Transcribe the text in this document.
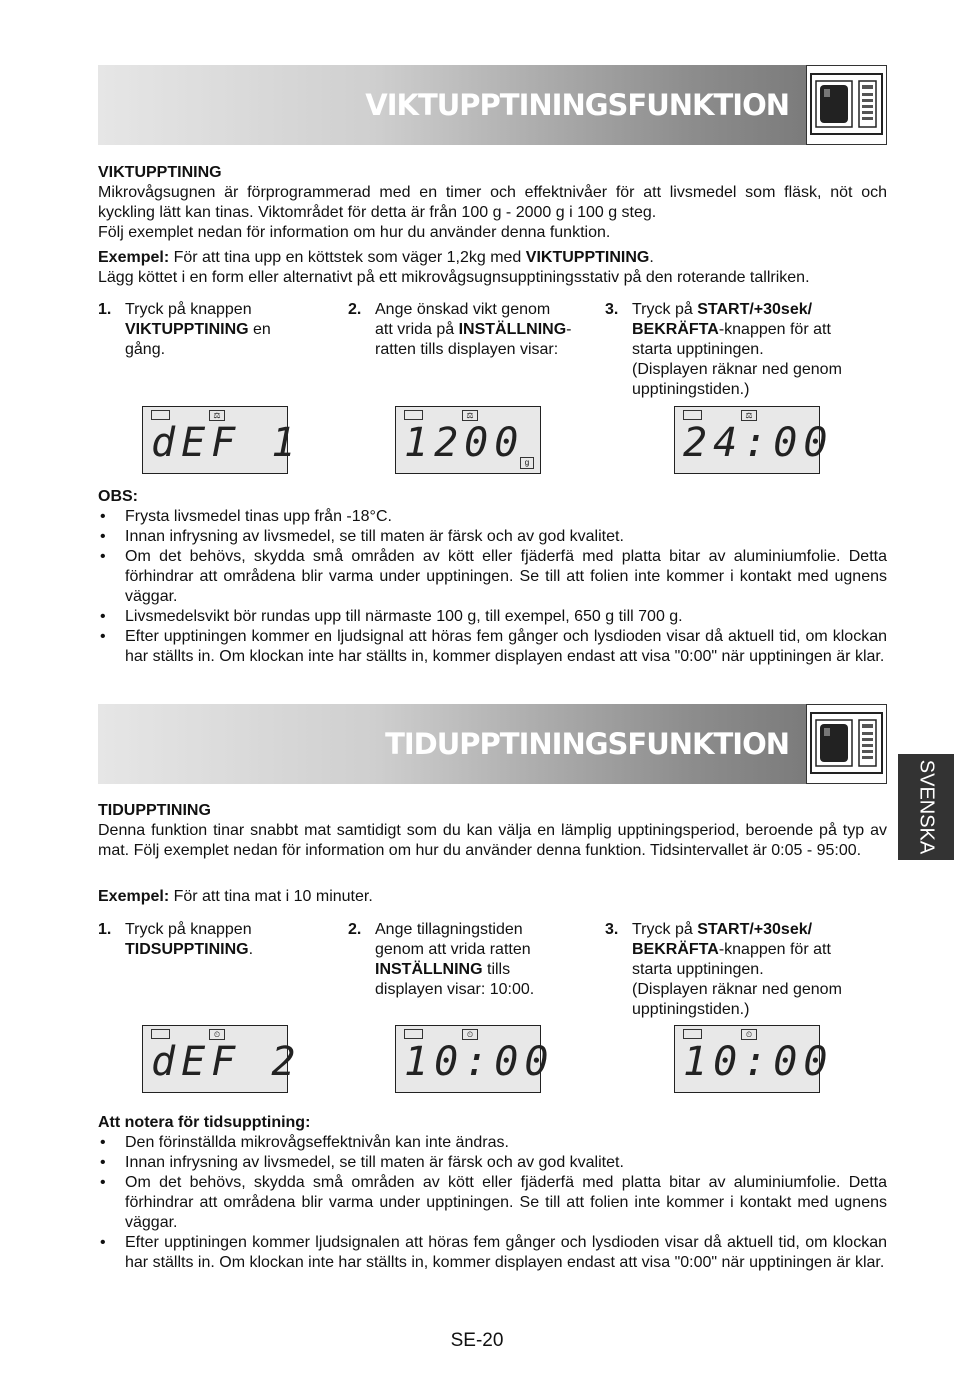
VIKTUPPTININGSFUNKTION

VIKTUPPTINING

Mikrovågsugnen är förprogrammerad med en timer och effektnivåer för att livsmedel som fläsk, nöt och kyckling lätt kan tinas. Viktområdet för detta är från 100 g - 2000 g i 100 g steg.

Följ exemplet nedan för information om hur du använder denna funktion.

Exempel: För att tina upp en köttstek som väger 1,2kg med VIKTUPPTINING.

Lägg köttet i en form eller alternativt på ett mikrovågsugnsupptiningsstativ på den roterande tallriken.

1. Tryck på knappen
VIKTUPPTINING en
gång.
2. Ange önskad vikt genom
att vrida på INSTÄLLNING-
ratten tills displayen visar:
3. Tryck på START/+30sek/
BEKRÄFTA-knappen för att
starta upptiningen.
(Displayen räknar ned genom
upptiningstiden.)
⚖
dEF 1
⚖
1200 g
⚖
24:00
OBS:
• Frysta livsmedel tinas upp från -18°C.
• Innan infrysning av livsmedel, se till maten är färsk och av god kvalitet.
• Om det behövs, skydda små områden av kött eller fjäderfä med platta bitar av aluminiumfolie. Detta förhindrar att områdena blir varma under upptiningen. Se till att folien inte kommer i kontakt med ugnens väggar.
• Livsmedelsvikt bör rundas upp till närmaste 100 g, till exempel, 650 g till 700 g.
• Efter upptiningen kommer en ljudsignal att höras fem gånger och lysdioden visar då aktuell tid, om klockan har ställts in. Om klockan inte har ställts in, kommer displayen endast att visa "0:00" när upptiningen är klar.
TIDUPPTININGSFUNKTION
SVENSKA

TIDUPPTINING

Denna funktion tinar snabbt mat samtidigt som du kan välja en lämplig upptiningsperiod, beroende på typ av mat. Följ exemplet nedan för information om hur du använder denna funktion. Tidsintervallet är 0:05 - 95:00.

Exempel: För att tina mat i 10 minuter.

1. Tryck på knappen
TIDSUPPTINING.
2. Ange tillagningstiden
genom att vrida ratten
INSTÄLLNING tills
displayen visar: 10:00.
3. Tryck på START/+30sek/
BEKRÄFTA-knappen för att
starta upptiningen.
(Displayen räknar ned genom
upptiningstiden.)
⏲
dEF 2
⏲
10:00
⏲
10:00
Att notera för tidsupptining:
• Den förinställda mikrovågseffektnivån kan inte ändras.
• Innan infrysning av livsmedel, se till maten är färsk och av god kvalitet.
• Om det behövs, skydda små områden av kött eller fjäderfä med platta bitar av aluminiumfolie. Detta förhindrar att områdena blir varma under upptiningen. Se till att folien inte kommer i kontakt med ugnens väggar.
• Efter upptiningen kommer ljudsignalen att höras fem gånger och lysdioden visar då aktuell tid, om klockan har ställts in. Om klockan inte har ställts in, kommer displayen endast att visa "0:00" när upptiningen är klar.
SE-20
